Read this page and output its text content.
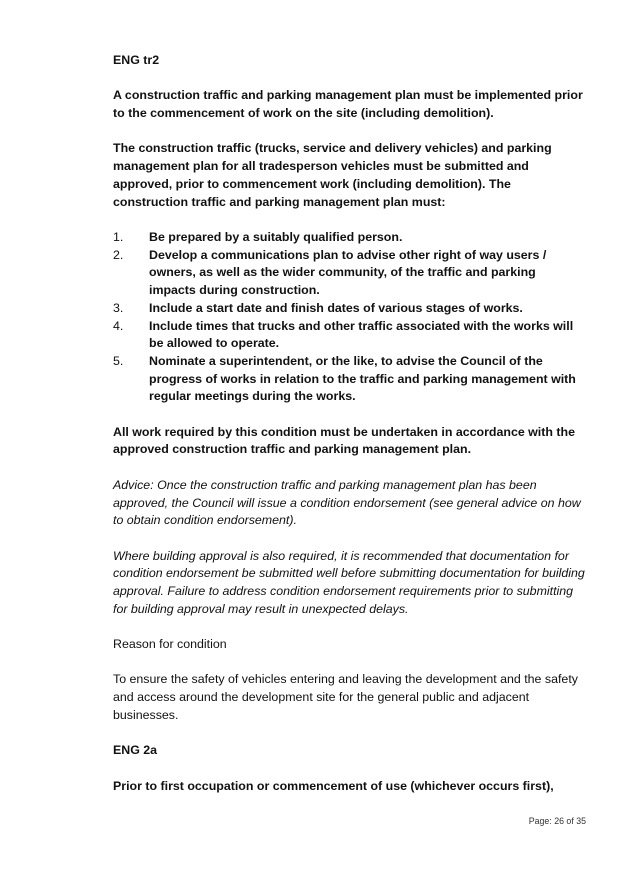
ENG tr2

A construction traffic and parking management plan must be implemented prior to the commencement of work on the site (including demolition).

The construction traffic (trucks, service and delivery vehicles) and parking management plan for all tradesperson vehicles must be submitted and approved, prior to commencement work (including demolition). The construction traffic and parking management plan must:

1. Be prepared by a suitably qualified person.
2. Develop a communications plan to advise other right of way users / owners, as well as the wider community, of the traffic and parking impacts during construction.
3. Include a start date and finish dates of various stages of works.
4. Include times that trucks and other traffic associated with the works will be allowed to operate.
5. Nominate a superintendent, or the like, to advise the Council of the progress of works in relation to the traffic and parking management with regular meetings during the works.

All work required by this condition must be undertaken in accordance with the approved construction traffic and parking management plan.

Advice: Once the construction traffic and parking management plan has been approved, the Council will issue a condition endorsement (see general advice on how to obtain condition endorsement).

Where building approval is also required, it is recommended that documentation for condition endorsement be submitted well before submitting documentation for building approval. Failure to address condition endorsement requirements prior to submitting for building approval may result in unexpected delays.

Reason for condition

To ensure the safety of vehicles entering and leaving the development and the safety and access around the development site for the general public and adjacent businesses.

ENG 2a

Prior to first occupation or commencement of use (whichever occurs first),

Page: 26 of 35
